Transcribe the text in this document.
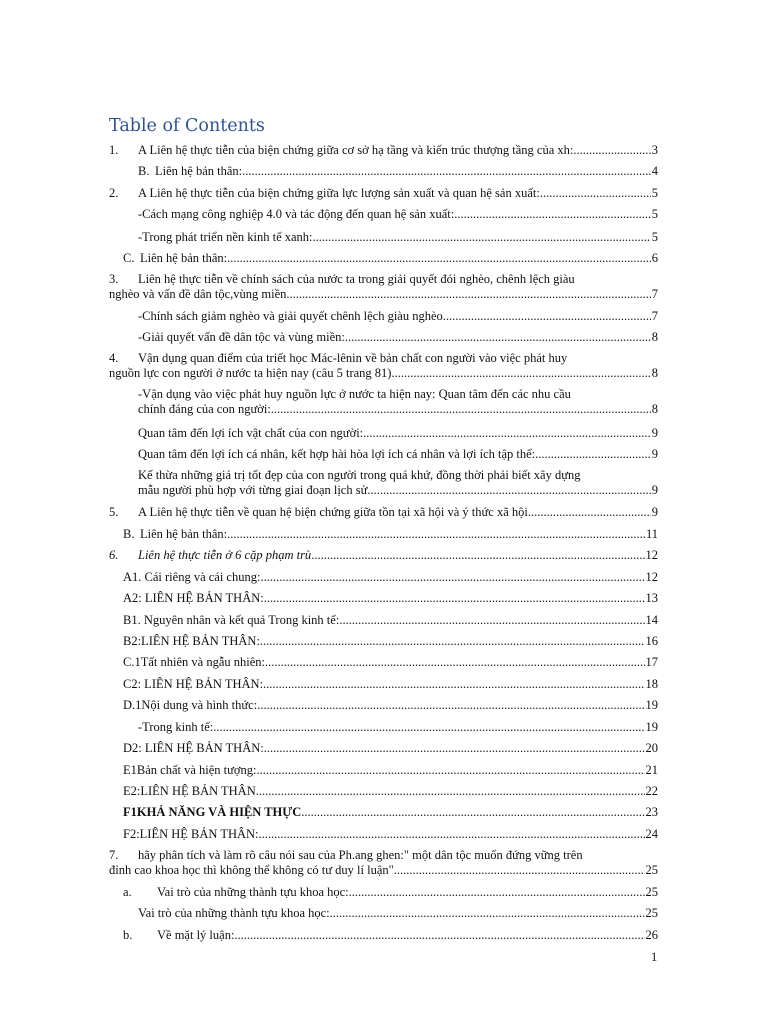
Table of Contents
1.	A Liên hệ thực tiễn của biện chứng giữa cơ sở hạ tầng và kiến trúc thượng tầng của xh: .....	3
B. Liên hệ bản thân: .....	4
2.	A Liên hệ thực tiễn của biện chứng giữa lực lượng sản xuất và quan hệ sản xuất: .....	5
-Cách mạng công nghiệp 4.0 và tác động đến quan hệ sản xuất: .....	5
-Trong phát triển nền kinh tế xanh: .....	5
C. Liên hệ bản thân: .....	6
3.	Liên hệ thực tiễn về chính sách của nước ta trong giải quyết đói nghèo, chênh lệch giàu
nghèo và vấn đề dân tộc,vùng miền .....	7
-Chính sách giảm nghèo và giải quyết chênh lệch giàu nghèo .....	7
-Giải quyết vấn đề dân tộc và vùng miền: .....	8
4.	Vận dụng quan điểm của triết học Mác-lênin về bản chất con người vào việc phát huy
nguồn lực con người ở nước ta hiện nay (câu 5 trang 81) .....	8
-Vận dụng vào việc phát huy nguồn lực ở nước ta hiện nay: Quan tâm đến các nhu cầu
chính đáng của con người: .....	8
Quan tâm đến lợi ích vật chất của con người: .....	9
Quan tâm đến lợi ích cá nhân, kết hợp hài hòa lợi ích cá nhân và lợi ích tập thể: .....	9
Kế thừa những giá trị tốt đẹp của con người trong quá khứ, đồng thời phải biết xây dựng
mẫu người phù hợp với từng giai đoạn lịch sử .....	9
5.	A Liên hệ thực tiễn về quan hệ biện chứng giữa tồn tại xã hội và ý thức xã hội .....	9
B. Liên hệ bản thân: .....	11
6.	Liên hệ thực tiễn ở 6 cặp phạm trù .....	12
A1. Cái riêng và cái chung: .....	12
A2: LIÊN HỆ BẢN THÂN: .....	13
B1. Nguyên nhân và kết quả Trong kinh tế: .....	14
B2:LIÊN HỆ BẢN THÂN: .....	16
C.1Tất nhiên và ngẫu nhiên: .....	17
C2: LIÊN HỆ BẢN THÂN: .....	18
D.1Nội dung và hình thức: .....	19
-Trong kinh tế: .....	19
D2: LIÊN HỆ BẢN THÂN: .....	20
E1Bản chất và hiện tượng: .....	21
E2:LIÊN HỆ BẢN THÂN .....	22
F1KHẢ NĂNG VÀ HIỆN THỰC .....	23
F2:LIÊN HỆ BẢN THÂN: .....	24
7.	hãy phân tích và làm rõ câu nói sau của Ph.ang ghen:" một dân tộc muốn đứng vững trên
đỉnh cao khoa học thì không thể không có tư duy lí luận" .....	25
a.	Vai trò của những thành tựu khoa học: .....	25
Vai trò của những thành tựu khoa học: .....	25
b.	Về mặt lý luận: .....	26
1
